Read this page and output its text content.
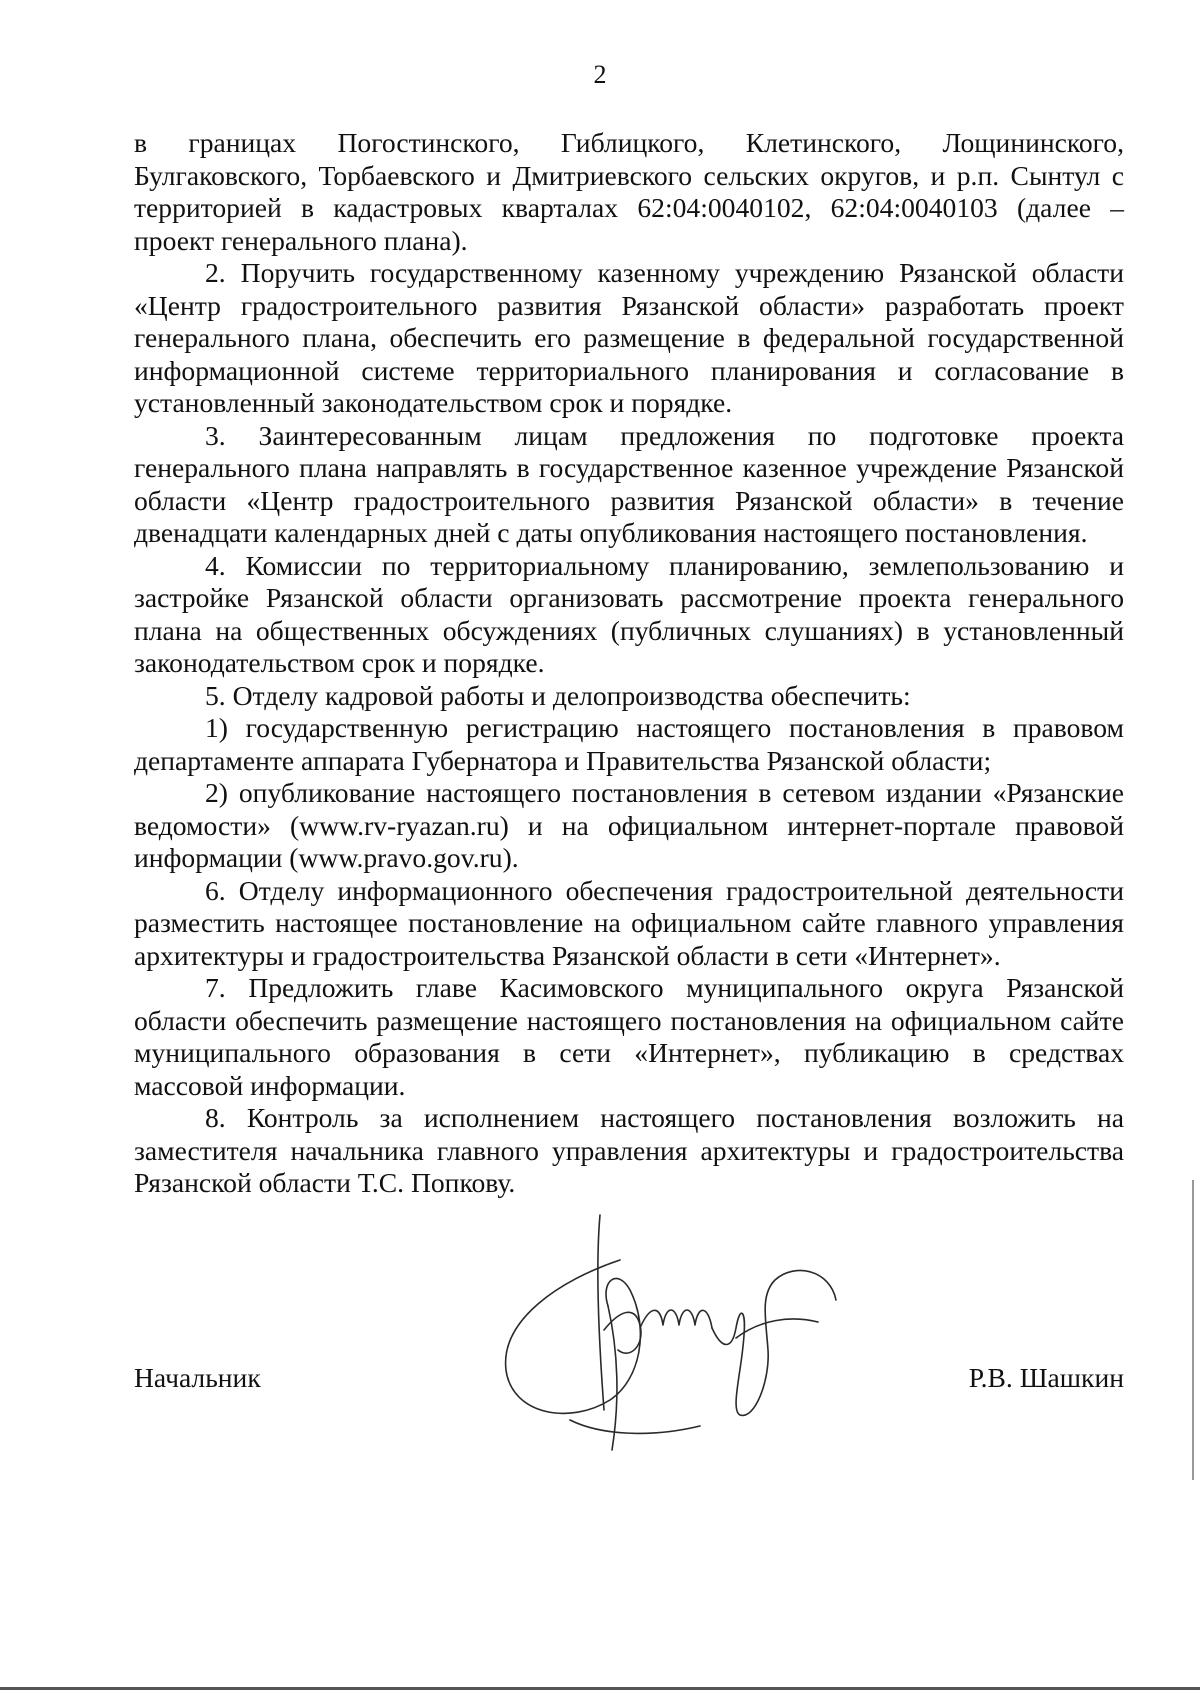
2

в границах Погостинского, Гиблицкого, Клетинского, Лощининского, Булгаковского, Торбаевского и Дмитриевского сельских округов, и р.п. Сынтул с территорией в кадастровых кварталах 62:04:0040102, 62:04:0040103 (далее – проект генерального плана).

2. Поручить государственному казенному учреждению Рязанской области «Центр градостроительного развития Рязанской области» разработать проект генерального плана, обеспечить его размещение в федеральной государственной информационной системе территориального планирования и согласование в установленный законодательством срок и порядке.

3. Заинтересованным лицам предложения по подготовке проекта генерального плана направлять в государственное казенное учреждение Рязанской области «Центр градостроительного развития Рязанской области» в течение двенадцати календарных дней с даты опубликования настоящего постановления.

4. Комиссии по территориальному планированию, землепользованию и застройке Рязанской области организовать рассмотрение проекта генерального плана на общественных обсуждениях (публичных слушаниях) в установленный законодательством срок и порядке.

5. Отделу кадровой работы и делопроизводства обеспечить:

1) государственную регистрацию настоящего постановления в правовом департаменте аппарата Губернатора и Правительства Рязанской области;

2) опубликование настоящего постановления в сетевом издании «Рязанские ведомости» (www.rv-ryazan.ru) и на официальном интернет-портале правовой информации (www.pravo.gov.ru).

6. Отделу информационного обеспечения градостроительной деятельности разместить настоящее постановление на официальном сайте главного управления архитектуры и градостроительства Рязанской области в сети «Интернет».

7. Предложить главе Касимовского муниципального округа Рязанской области обеспечить размещение настоящего постановления на официальном сайте муниципального образования в сети «Интернет», публикацию в средствах массовой информации.

8. Контроль за исполнением настоящего постановления возложить на заместителя начальника главного управления архитектуры и градостроительства Рязанской области Т.С. Попкову.

Начальник	Р.В. Шашкин
